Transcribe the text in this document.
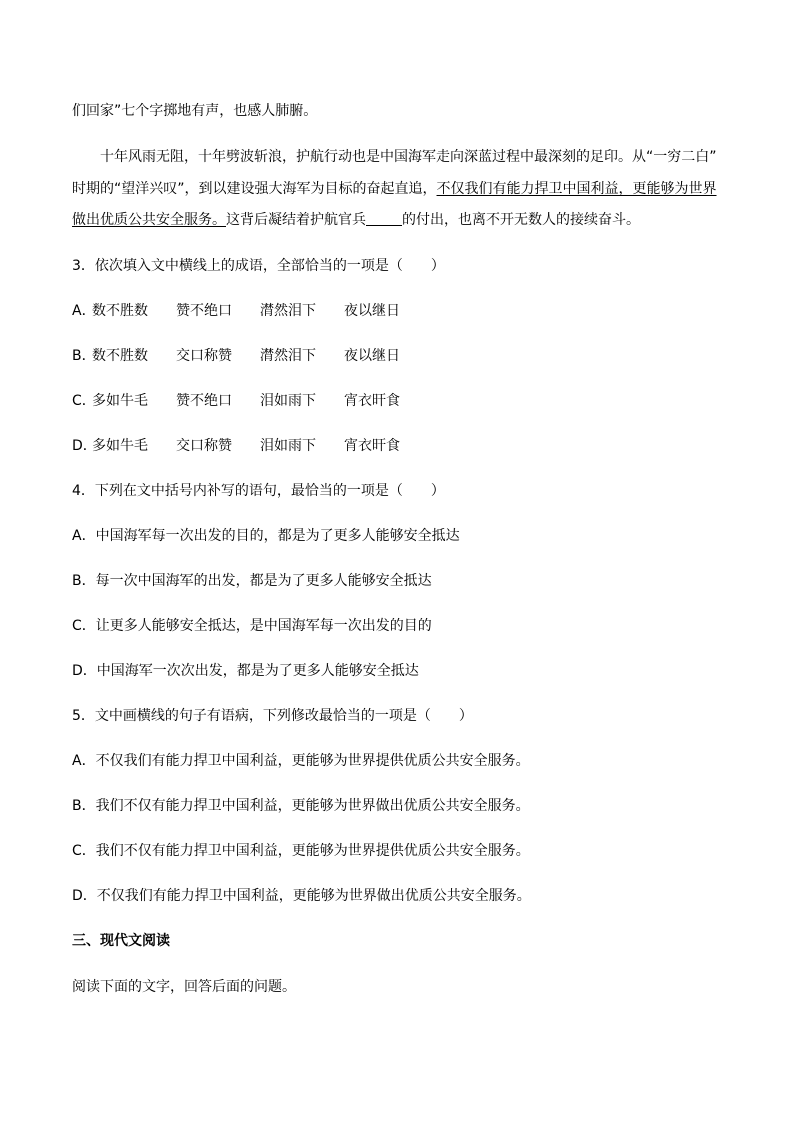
们回家”七个字掷地有声，也感人肺腑。
十年风雨无阻，十年劈波斩浪，护航行动也是中国海军走向深蓝过程中最深刻的足印。从“一穷二白”
时期的“望洋兴叹”，到以建设强大海军为目标的奋起直追，不仅我们有能力捍卫中国利益，更能够为世界
做出优质公共安全服务。这背后凝结着护航官兵	的付出，也离不开无数人的接续奋斗。
3．依次填入文中横线上的成语，全部恰当的一项是（　　）
A．
数不胜数 赞不绝口 潸然泪下 夜以继日
B．
数不胜数 交口称赞 潸然泪下 夜以继日
C．
多如牛毛 赞不绝口 泪如雨下 宵衣旰食
D．
多如牛毛 交口称赞 泪如雨下 宵衣旰食
4．下列在文中括号内补写的语句，最恰当的一项是（　　）
A．中国海军每一次出发的目的，都是为了更多人能够安全抵达
B．每一次中国海军的出发，都是为了更多人能够安全抵达
C．让更多人能够安全抵达，是中国海军每一次出发的目的
D．中国海军一次次出发，都是为了更多人能够安全抵达
5．文中画横线的句子有语病，下列修改最恰当的一项是（　　）
A．不仅我们有能力捍卫中国利益，更能够为世界提供优质公共安全服务。
B．我们不仅有能力捍卫中国利益，更能够为世界做出优质公共安全服务。
C．我们不仅有能力捍卫中国利益，更能够为世界提供优质公共安全服务。
D．不仅我们有能力捍卫中国利益，更能够为世界做出优质公共安全服务。
三、现代文阅读
阅读下面的文字，回答后面的问题。
